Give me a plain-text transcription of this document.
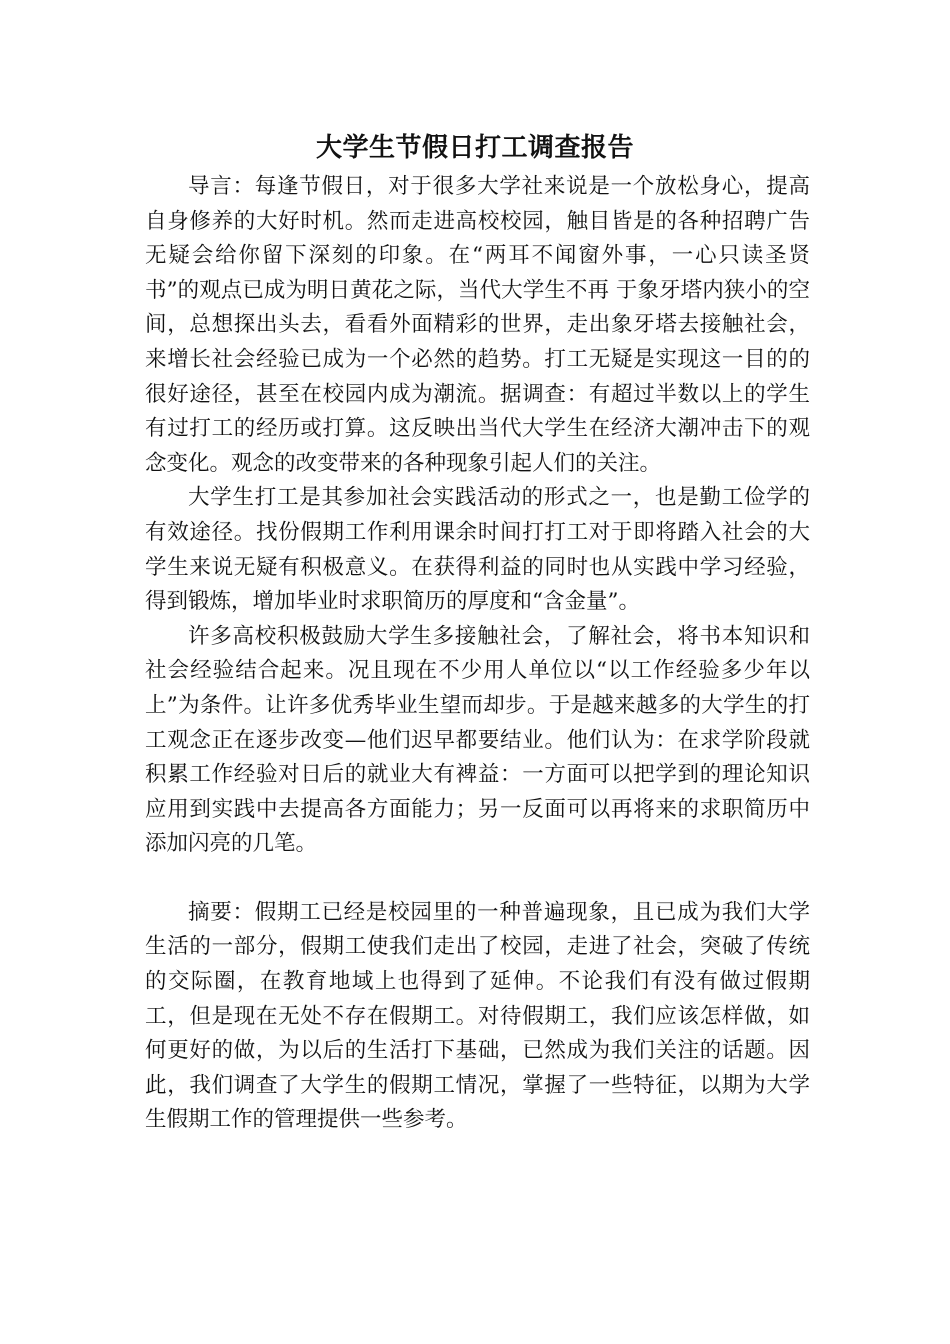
大学生节假日打工调查报告

导言：每逢节假日，对于很多大学社来说是一个放松身心，提高自身修养的大好时机。然而走进高校校园，触目皆是的各种招聘广告无疑会给你留下深刻的印象。在“两耳不闻窗外事，一心只读圣贤书”的观点已成为明日黄花之际，当代大学生不再 于象牙塔内狭小的空间，总想探出头去，看看外面精彩的世界，走出象牙塔去接触社会，来增长社会经验已成为一个必然的趋势。打工无疑是实现这一目的的很好途径，甚至在校园内成为潮流。据调查：有超过半数以上的学生有过打工的经历或打算。这反映出当代大学生在经济大潮冲击下的观念变化。观念的改变带来的各种现象引起人们的关注。

大学生打工是其参加社会实践活动的形式之一，也是勤工俭学的有效途径。找份假期工作利用课余时间打打工对于即将踏入社会的大学生来说无疑有积极意义。在获得利益的同时也从实践中学习经验，得到锻炼，增加毕业时求职简历的厚度和“含金量”。

许多高校积极鼓励大学生多接触社会，了解社会，将书本知识和社会经验结合起来。况且现在不少用人单位以“以工作经验多少年以上”为条件。让许多优秀毕业生望而却步。于是越来越多的大学生的打工观念正在逐步改变—他们迟早都要结业。他们认为：在求学阶段就积累工作经验对日后的就业大有裨益：一方面可以把学到的理论知识应用到实践中去提高各方面能力；另一反面可以再将来的求职简历中添加闪亮的几笔。

摘要：假期工已经是校园里的一种普遍现象，且已成为我们大学生活的一部分，假期工使我们走出了校园，走进了社会，突破了传统的交际圈，在教育地域上也得到了延伸。不论我们有没有做过假期工，但是现在无处不存在假期工。对待假期工，我们应该怎样做，如何更好的做，为以后的生活打下基础，已然成为我们关注的话题。因此，我们调查了大学生的假期工情况，掌握了一些特征，以期为大学生假期工作的管理提供一些参考。
